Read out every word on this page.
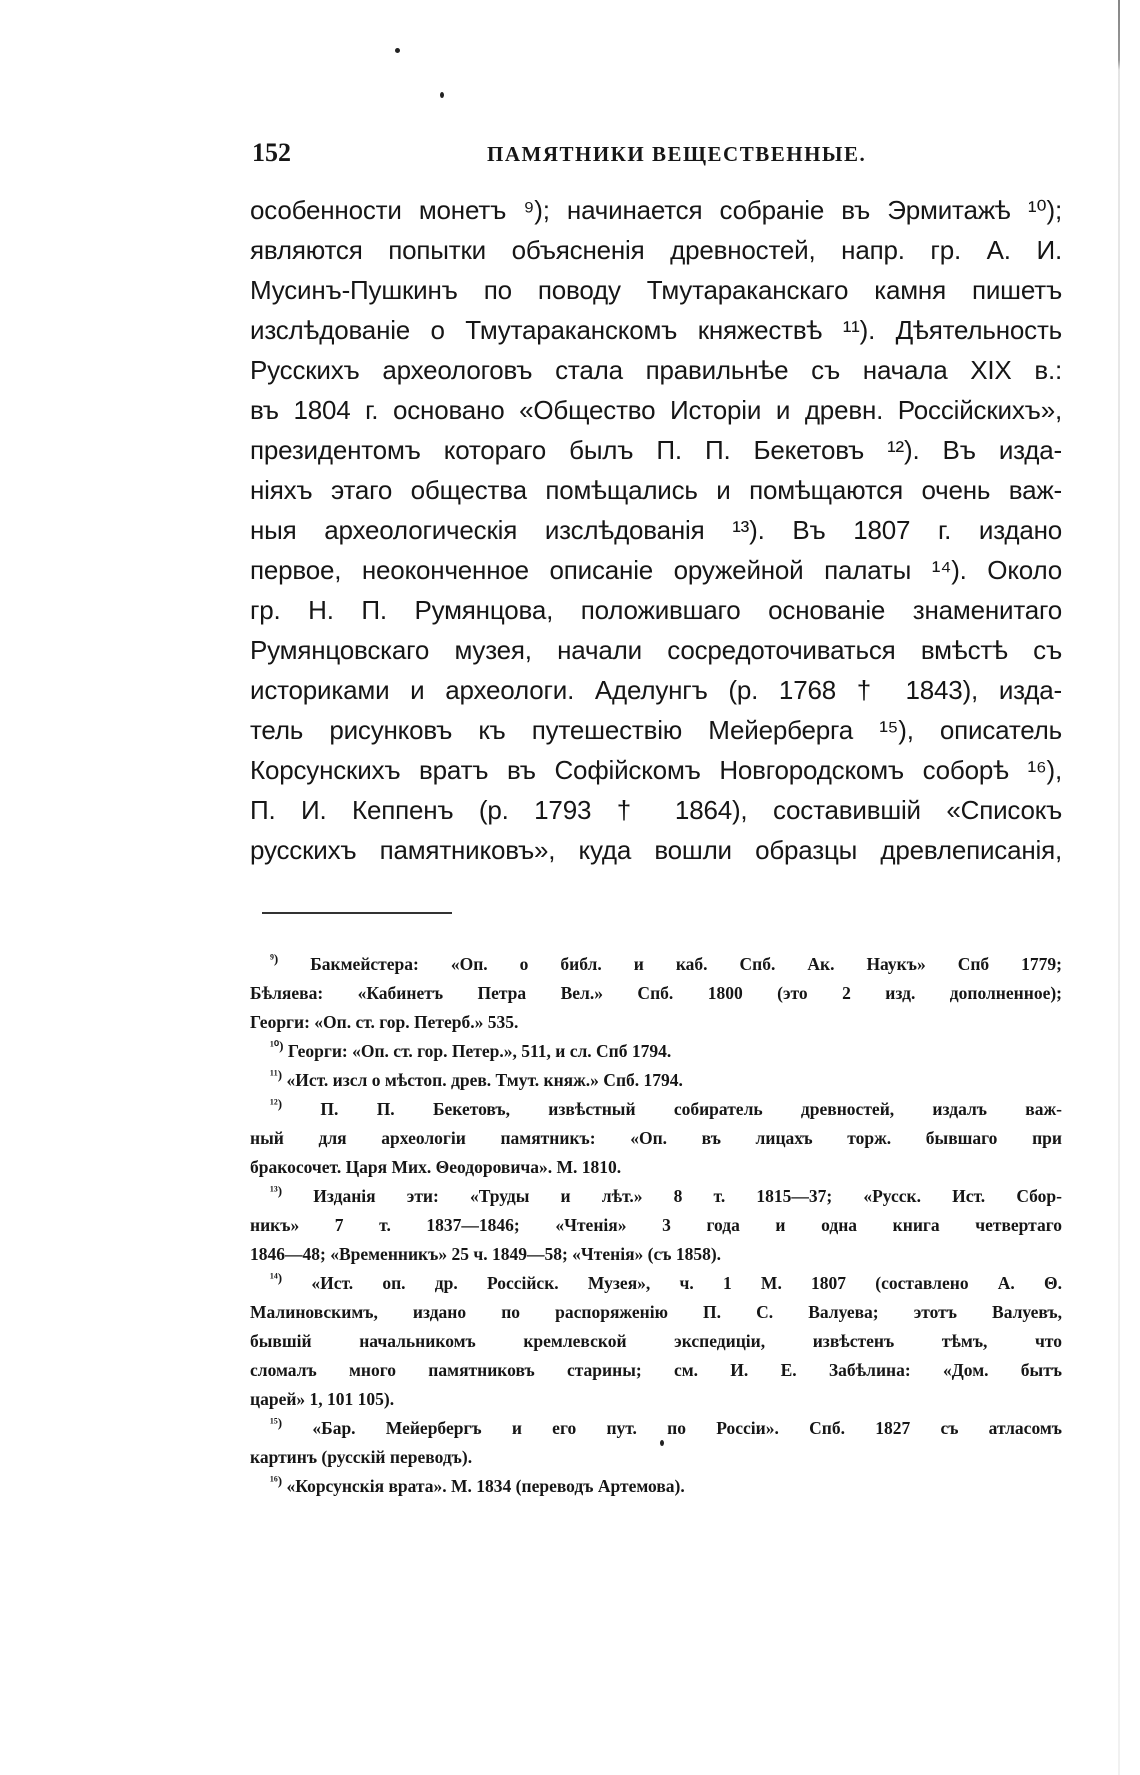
152	ПАМЯТНИКИ ВЕЩЕСТВЕННЫЕ.
особенности монетъ ⁹); начинается собраніе въ Эрмитажѣ ¹⁰);
являются попытки объясненія древностей, напр. гр. А. И.
Мусинъ-Пушкинъ по поводу Тмутараканскаго камня пишетъ
изслѣдованіе о Тмутараканскомъ княжествѣ ¹¹). Дѣятельность
Русскихъ археологовъ стала правильнѣе съ начала XIX в.:
въ 1804 г. основано «Общество Исторіи и древн. Россійскихъ»,
президентомъ котораго былъ П. П. Бекетовъ ¹²). Въ изда-
ніяхъ этаго общества помѣщались и помѣщаются очень важ-
ныя археологическія изслѣдованія ¹³). Въ 1807 г. издано
первое, неоконченное описаніе оружейной палаты ¹⁴). Около
гр. Н. П. Румянцова, положившаго основаніе знаменитаго
Румянцовскаго музея, начали сосредоточиваться вмѣстѣ съ
историками и археологи. Аделунгъ (р. 1768 † 1843), изда-
тель рисунковъ къ путешествію Мейерберга ¹⁵), описатель
Корсунскихъ вратъ въ Софійскомъ Новгородскомъ соборѣ ¹⁶),
П. И. Кеппенъ (р. 1793 † 1864), составившій «Списокъ
русскихъ памятниковъ», куда вошли образцы древлеписанія,
$^{^9)}$ Бакмейстера: «Оп. о библ. и каб. Спб. Ак. Наукъ» Спб 1779;
Бѣляева: «Кабинетъ Петра Вел.» Спб. 1800 (это 2 изд. дополненное);
Георги: «Оп. ст. гор. Петерб.» 535.
$^{^{10})}$ Георги: «Оп. ст. гор. Петер.», 511, и сл. Спб 1794.
$^{^{11})}$ «Ист. изсл о мѣстоп. древ. Тмут. княж.» Спб. 1794.
$^{^{12})}$ П. П. Бекетовъ, извѣстный собиратель древностей, издалъ важ-
ный для археологіи памятникъ: «Оп. въ лицахъ торж. бывшаго при
бракосочет. Царя Мих. Θеодоровича». М. 1810.
$^{^{13})}$ Изданія эти: «Труды и лѣт.» 8 т. 1815—37; «Русск. Ист. Сбор-
никъ» 7 т. 1837—1846; «Чтенія» 3 года и одна книга четвертаго
1846—48; «Временникъ» 25 ч. 1849—58; «Чтенія» (съ 1858).
$^{^{14})}$ «Ист. оп. др. Россійск. Музея», ч. 1 М. 1807 (составлено А. Θ.
Малиновскимъ, издано по распоряженію П. С. Валуева; этотъ Валуевъ,
бывшій начальникомъ кремлевской экспедиціи, извѣстенъ тѣмъ, что
сломалъ много памятниковъ старины; см. И. Е. Забѣлина: «Дом. бытъ
царей» 1, 101 105).
$^{^{15})}$ «Бар. Мейербергъ и его пут. по Россіи». Спб. 1827 съ атласомъ
картинъ (русскій переводъ).
$^{^{16})}$ «Корсунскія врата». М. 1834 (переводъ Артемова).
